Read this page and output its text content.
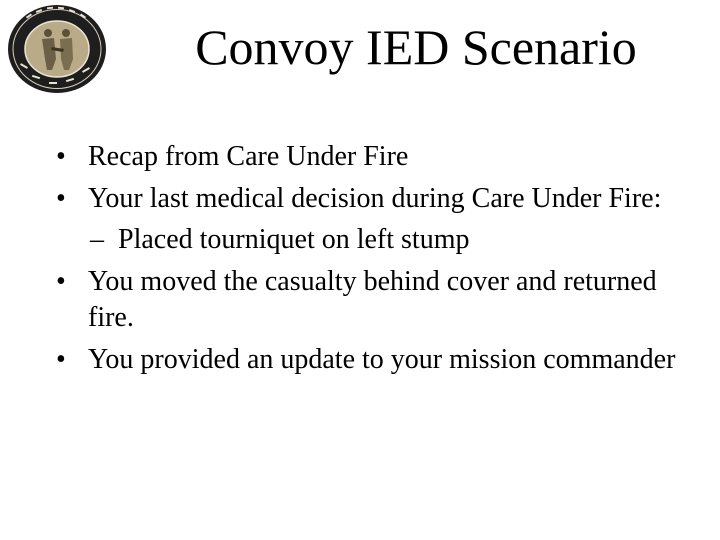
Convoy IED Scenario
• Recap from Care Under Fire
• Your last medical decision during Care Under Fire:
– Placed tourniquet on left stump
• You moved the casualty behind cover and returned fire.
• You provided an update to your mission commander
